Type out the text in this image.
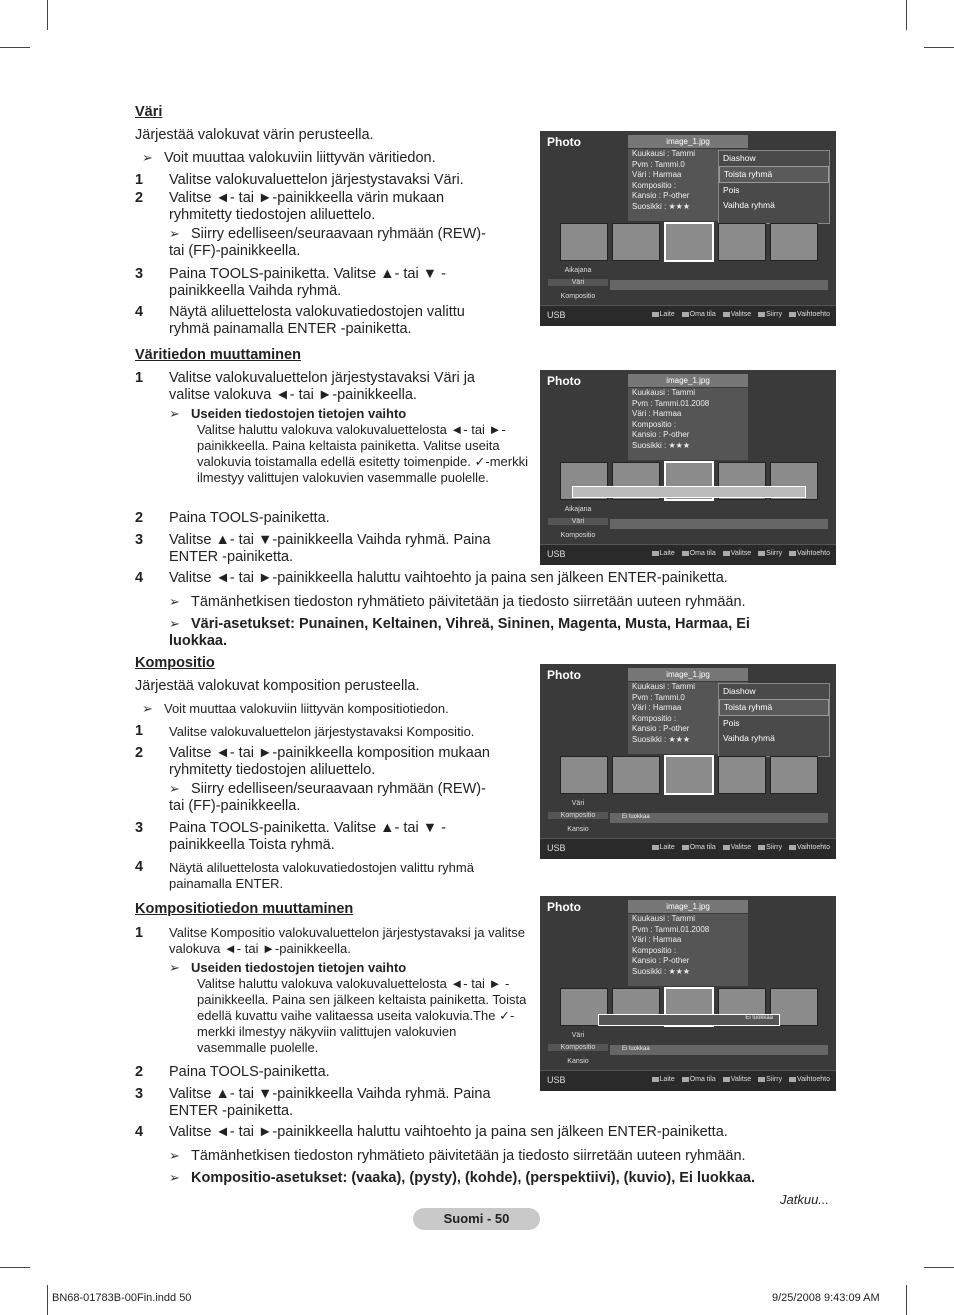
Väri
Järjestää valokuvat värin perusteella.
➢ Voit muuttaa valokuviin liittyvän väritiedon.
1 Valitse valokuvaluettelon järjestystavaksi Väri.
2 Valitse ◄- tai ►-painikkeella värin mukaan ryhmitetty tiedostojen aliluettelo.
➢ Siirry edelliseen/seuraavaan ryhmään (REW)- tai (FF)-painikkeella.
3 Paina TOOLS-painiketta. Valitse ▲- tai ▼ -painikkeella Vaihda ryhmä.
4 Näytä aliluettelosta valokuvatiedostojen valittu ryhmä painamalla ENTER -painiketta.
Väritiedon muuttaminen
1 Valitse valokuvaluettelon järjestystavaksi Väri ja valitse valokuva ◄- tai ►-painikkeella.
➢ Useiden tiedostojen tietojen vaihto

Valitse haluttu valokuva valokuvaluettelosta ◄- tai ►-painikkeella. Paina keltaista painiketta. Valitse useita valokuvia toistamalla edellä esitetty toimenpide. ✓-merkki ilmestyy valittujen valokuvien vasemmalle puolelle.
2 Paina TOOLS-painiketta.
3 Valitse ▲- tai ▼-painikkeella Vaihda ryhmä. Paina ENTER -painiketta.
4 Valitse ◄- tai ►-painikkeella haluttu vaihtoehto ja paina sen jälkeen ENTER-painiketta.
➢ Tämänhetkisen tiedoston ryhmätieto päivitetään ja tiedosto siirretään uuteen ryhmään.
➢ Väri-asetukset: Punainen, Keltainen, Vihreä, Sininen, Magenta, Musta, Harmaa, Ei luokkaa.
Kompositio
Järjestää valokuvat komposition perusteella.
➢ Voit muuttaa valokuviin liittyvän kompositiotiedon.
1 Valitse valokuvaluettelon järjestystavaksi Kompositio.
2 Valitse ◄- tai ►-painikkeella komposition mukaan ryhmitetty tiedostojen aliluettelo.
➢ Siirry edelliseen/seuraavaan ryhmään (REW)- tai (FF)-painikkeella.
3 Paina TOOLS-painiketta. Valitse ▲- tai ▼ -painikkeella Toista ryhmä.
4 Näytä aliluettelosta valokuvatiedostojen valittu ryhmä painamalla ENTER.
Kompositiotiedon muuttaminen
1 Valitse Kompositio valokuvaluettelon järjestystavaksi ja valitse valokuva ◄- tai ►-painikkeella.
➢ Useiden tiedostojen tietojen vaihto

Valitse haluttu valokuva valokuvaluettelosta ◄- tai ► -painikkeella. Paina sen jälkeen keltaista painiketta. Toista edellä kuvattu vaihe valitaessa useita valokuvia.The ✓-merkki ilmestyy näkyviin valittujen valokuvien vasemmalle puolelle.
2 Paina TOOLS-painiketta.
3 Valitse ▲- tai ▼-painikkeella Vaihda ryhmä. Paina ENTER -painiketta.
4 Valitse ◄- tai ►-painikkeella haluttu vaihtoehto ja paina sen jälkeen ENTER-painiketta.
➢ Tämänhetkisen tiedoston ryhmätieto päivitetään ja tiedosto siirretään uuteen ryhmään.
➢ Kompositio-asetukset: (vaaka), (pysty), (kohde), (perspektiivi), (kuvio), Ei luokkaa.
Photo	image_1.jpg
Kuukausi : Tammi
Pvm : Tammi.0
Väri : Harmaa
Kompositio :
Kansio : P-other
Suosikki : ★★★
Diashow
Toista ryhmä
Pois
Vaihda ryhmä
Aikajana
Väri
Kompositio
USB	Laite Oma tila Valitse Siirry Vaihtoehto
Photo	image_1.jpg
Kuukausi : Tammi
Pvm : Tammi.01.2008
Väri : Harmaa
Kompositio :
Kansio : P-other
Suosikki : ★★★
Aikajana
Väri
Kompositio
USB	Laite Oma tila Valitse Siirry Vaihtoehto
Photo	image_1.jpg
Kuukausi : Tammi
Pvm : Tammi.0
Väri : Harmaa
Kompositio :
Kansio : P-other
Suosikki : ★★★
Diashow
Toista ryhmä
Pois
Vaihda ryhmä
Väri
Kompositio
Kansio
Ei luokkaa
USB	Laite Oma tila Valitse Siirry Vaihtoehto
Photo	image_1.jpg
Kuukausi : Tammi
Pvm : Tammi.01.2008
Väri : Harmaa
Kompositio :
Kansio : P-other
Suosikki : ★★★
Ei luokkaa
Väri
Kompositio
Kansio
Ei luokkaa
USB	Laite Oma tila Valitse Siirry Vaihtoehto
Jatkuu...
Suomi - 50
BN68-01783B-00Fin.indd 50	9/25/2008 9:43:09 AM
